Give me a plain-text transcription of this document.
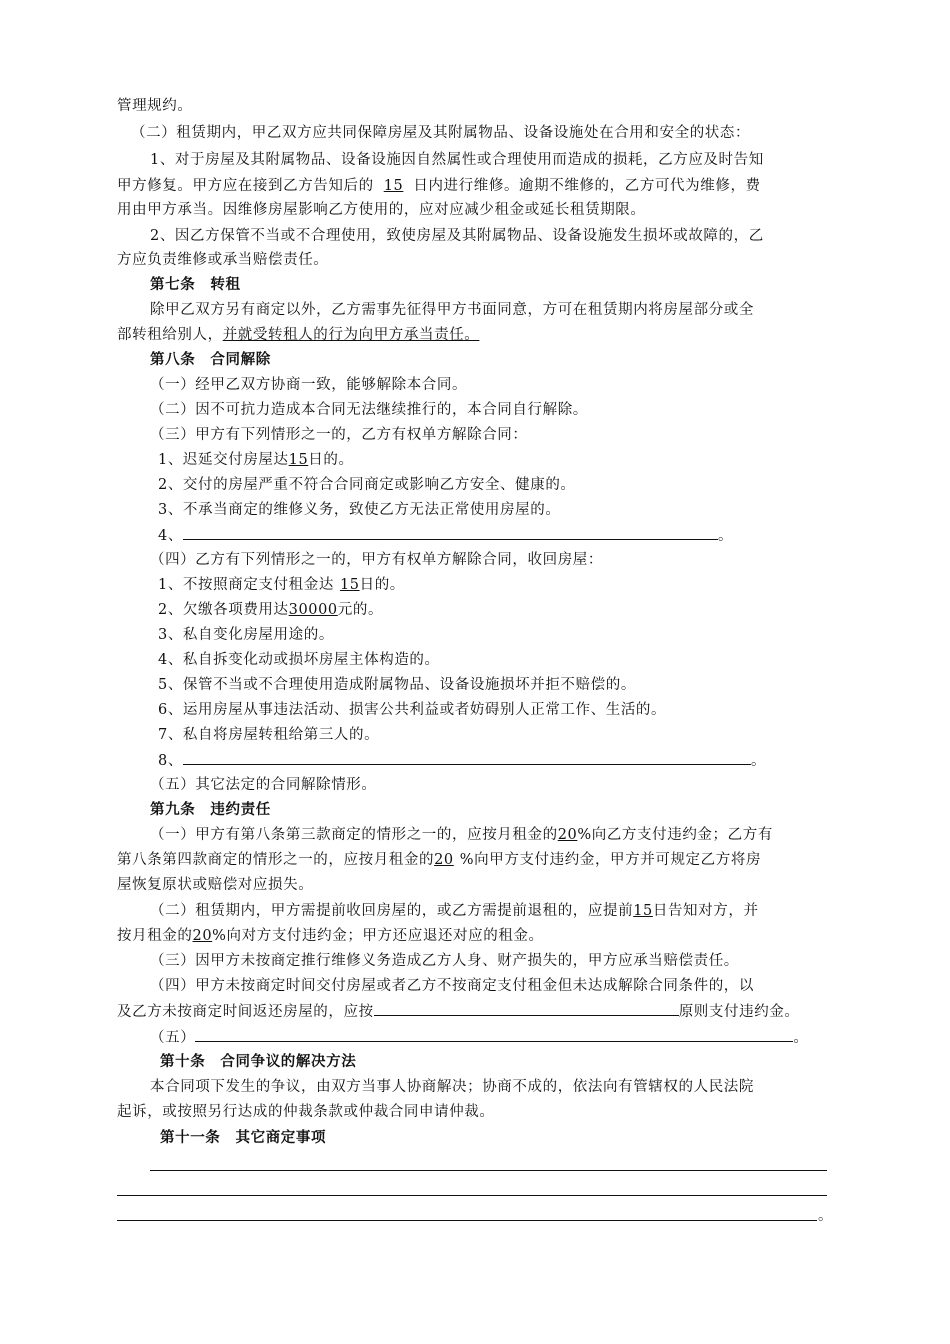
管理规约。
（二）租赁期内，甲乙双方应共同保障房屋及其附属物品、设备设施处在合用和安全的状态：
1、对于房屋及其附属物品、设备设施因自然属性或合理使用而造成的损耗，乙方应及时告知
甲方修复。甲方应在接到乙方告知后的 15 日内进行维修。逾期不维修的，乙方可代为维修，费
用由甲方承当。因维修房屋影响乙方使用的，应对应减少租金或延长租赁期限。
2、因乙方保管不当或不合理使用，致使房屋及其附属物品、设备设施发生损坏或故障的，乙
方应负责维修或承当赔偿责任。
第七条　转租
除甲乙双方另有商定以外，乙方需事先征得甲方书面同意，方可在租赁期内将房屋部分或全
部转租给别人，并就受转租人的行为向甲方承当责任。
第八条　合同解除
（一）经甲乙双方协商一致，能够解除本合同。
（二）因不可抗力造成本合同无法继续推行的，本合同自行解除。
（三）甲方有下列情形之一的，乙方有权单方解除合同：
1、迟延交付房屋达15日的。
2、交付的房屋严重不符合合同商定或影响乙方安全、健康的。
3、不承当商定的维修义务，致使乙方无法正常使用房屋的。
4、	。
（四）乙方有下列情形之一的，甲方有权单方解除合同，收回房屋：
1、不按照商定支付租金达 15日的。
2、欠缴各项费用达30000元的。
3、私自变化房屋用途的。
4、私自拆变化动或损坏房屋主体构造的。
5、保管不当或不合理使用造成附属物品、设备设施损坏并拒不赔偿的。
6、运用房屋从事违法活动、损害公共利益或者妨碍别人正常工作、生活的。
7、私自将房屋转租给第三人的。
8、	。
（五）其它法定的合同解除情形。
第九条　违约责任
（一）甲方有第八条第三款商定的情形之一的，应按月租金的20%向乙方支付违约金；乙方有
第八条第四款商定的情形之一的，应按月租金的20 %向甲方支付违约金，甲方并可规定乙方将房
屋恢复原状或赔偿对应损失。
（二）租赁期内，甲方需提前收回房屋的，或乙方需提前退租的，应提前15日告知对方，并
按月租金的20%向对方支付违约金；甲方还应退还对应的租金。
（三）因甲方未按商定推行维修义务造成乙方人身、财产损失的，甲方应承当赔偿责任。
（四）甲方未按商定时间交付房屋或者乙方不按商定支付租金但未达成解除合同条件的，以
及乙方未按商定时间返还房屋的，应按	原则支付违约金。
（五）	。
第十条　合同争议的解决方法
本合同项下发生的争议，由双方当事人协商解决；协商不成的，依法向有管辖权的人民法院
起诉，或按照另行达成的仲裁条款或仲裁合同申请仲裁。
第十一条　其它商定事项
。
